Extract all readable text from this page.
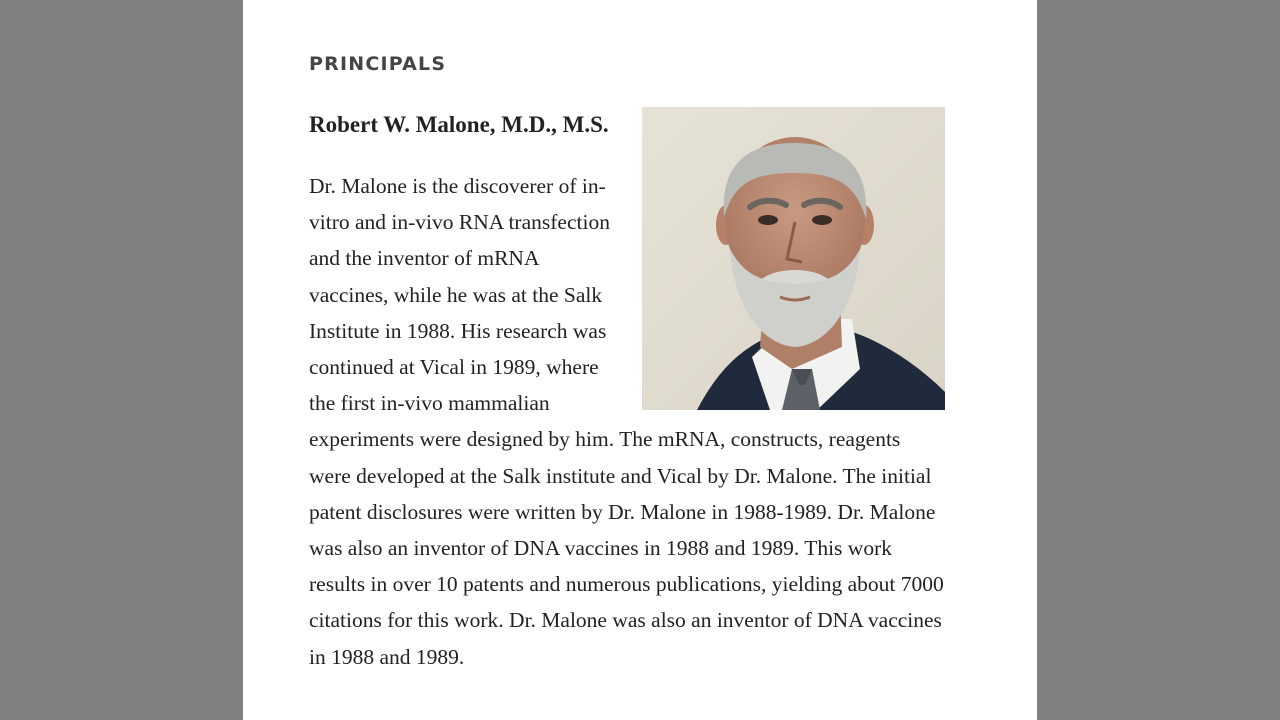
PRINCIPALS
Robert W. Malone, M.D., M.S.

Dr. Malone is the discoverer of in-vitro and in-vivo RNA transfection and the inventor of mRNA vaccines, while he was at the Salk Institute in 1988. His research was continued at Vical in 1989, where the first in-vivo mammalian experiments were designed by him. The mRNA, constructs, reagents were developed at the Salk institute and Vical by Dr. Malone. The initial patent disclosures were written by Dr. Malone in 1988-1989. Dr. Malone was also an inventor of DNA vaccines in 1988 and 1989. This work results in over 10 patents and numerous publications, yielding about 7000 citations for this work. Dr. Malone was also an inventor of DNA vaccines in 1988 and 1989.
